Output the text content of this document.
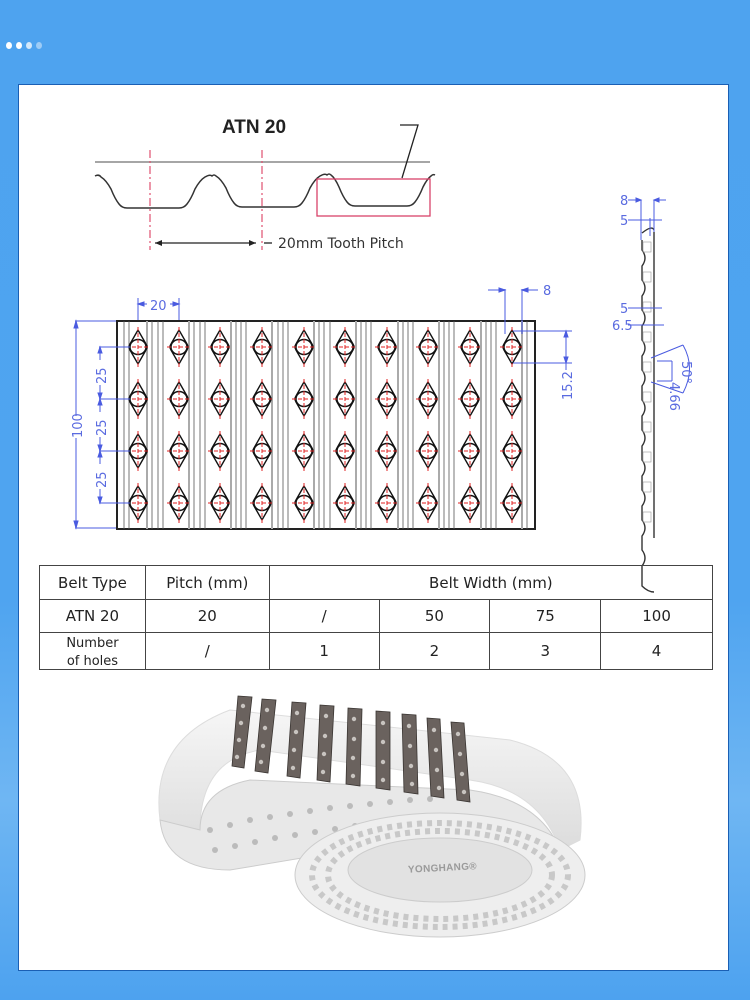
ATN 20
20
8
100
25
25
25
15.2
8
5
5
6.5
50°
4.66
20mm Tooth Pitch
Belt Type	Pitch (mm)	Belt Width (mm)			
ATN 20	20	/	50	75	100
Number
of holes	/	1	2	3	4
YONGHANG®
